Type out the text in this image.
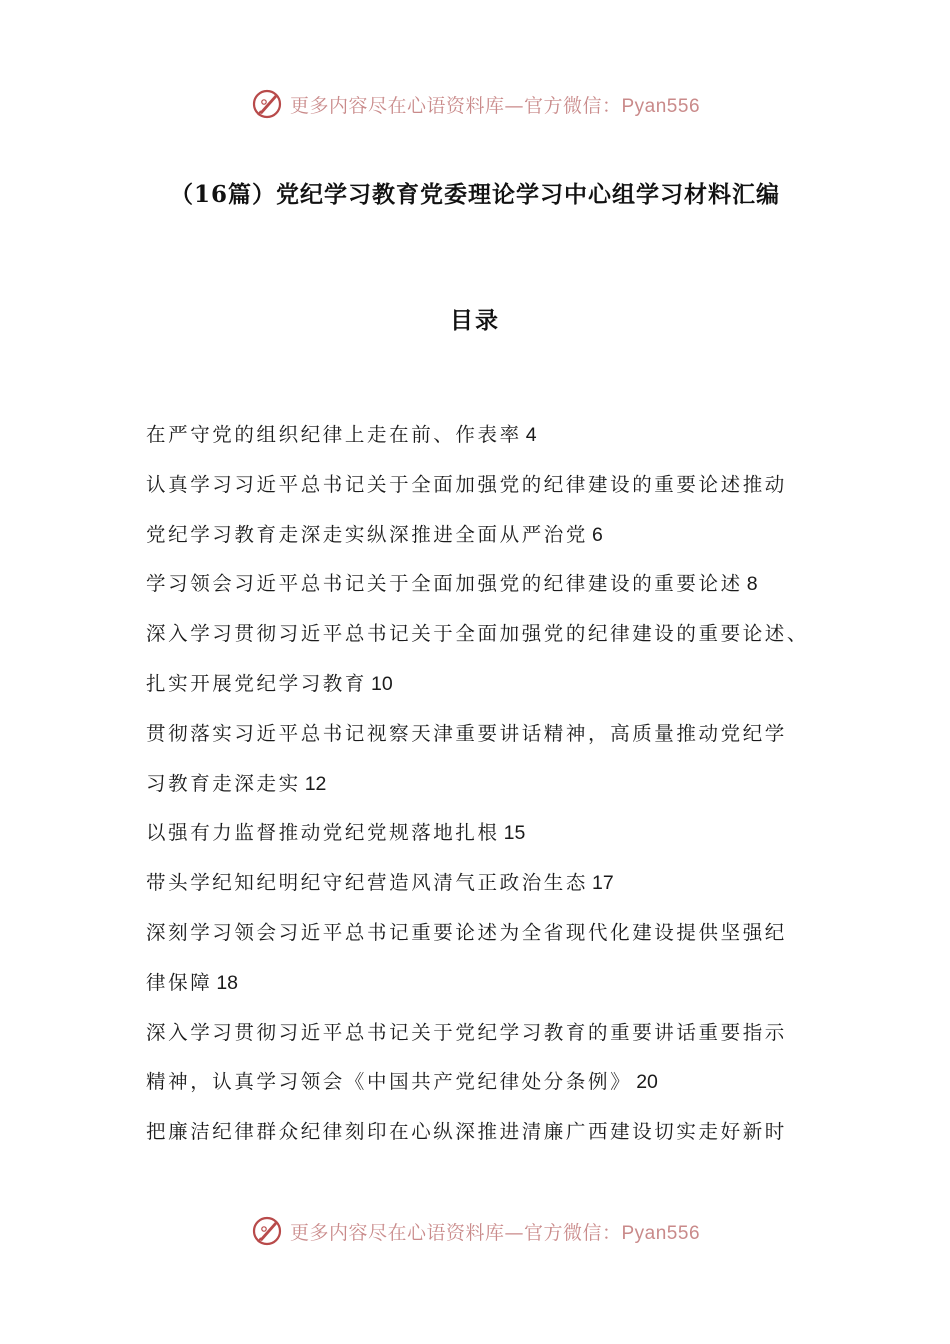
更多内容尽在心语资料库—官方微信：Pyan556
（16篇）党纪学习教育党委理论学习中心组学习材料汇编
目录
在严守党的组织纪律上走在前、作表率 4
认真学习习近平总书记关于全面加强党的纪律建设的重要论述推动
党纪学习教育走深走实纵深推进全面从严治党 6
学习领会习近平总书记关于全面加强党的纪律建设的重要论述 8
深入学习贯彻习近平总书记关于全面加强党的纪律建设的重要论述、
扎实开展党纪学习教育 10
贯彻落实习近平总书记视察天津重要讲话精神，高质量推动党纪学
习教育走深走实 12
以强有力监督推动党纪党规落地扎根 15
带头学纪知纪明纪守纪营造风清气正政治生态 17
深刻学习领会习近平总书记重要论述为全省现代化建设提供坚强纪
律保障 18
深入学习贯彻习近平总书记关于党纪学习教育的重要讲话重要指示
精神，认真学习领会《中国共产党纪律处分条例》 20
把廉洁纪律群众纪律刻印在心纵深推进清廉广西建设切实走好新时
更多内容尽在心语资料库—官方微信：Pyan556
